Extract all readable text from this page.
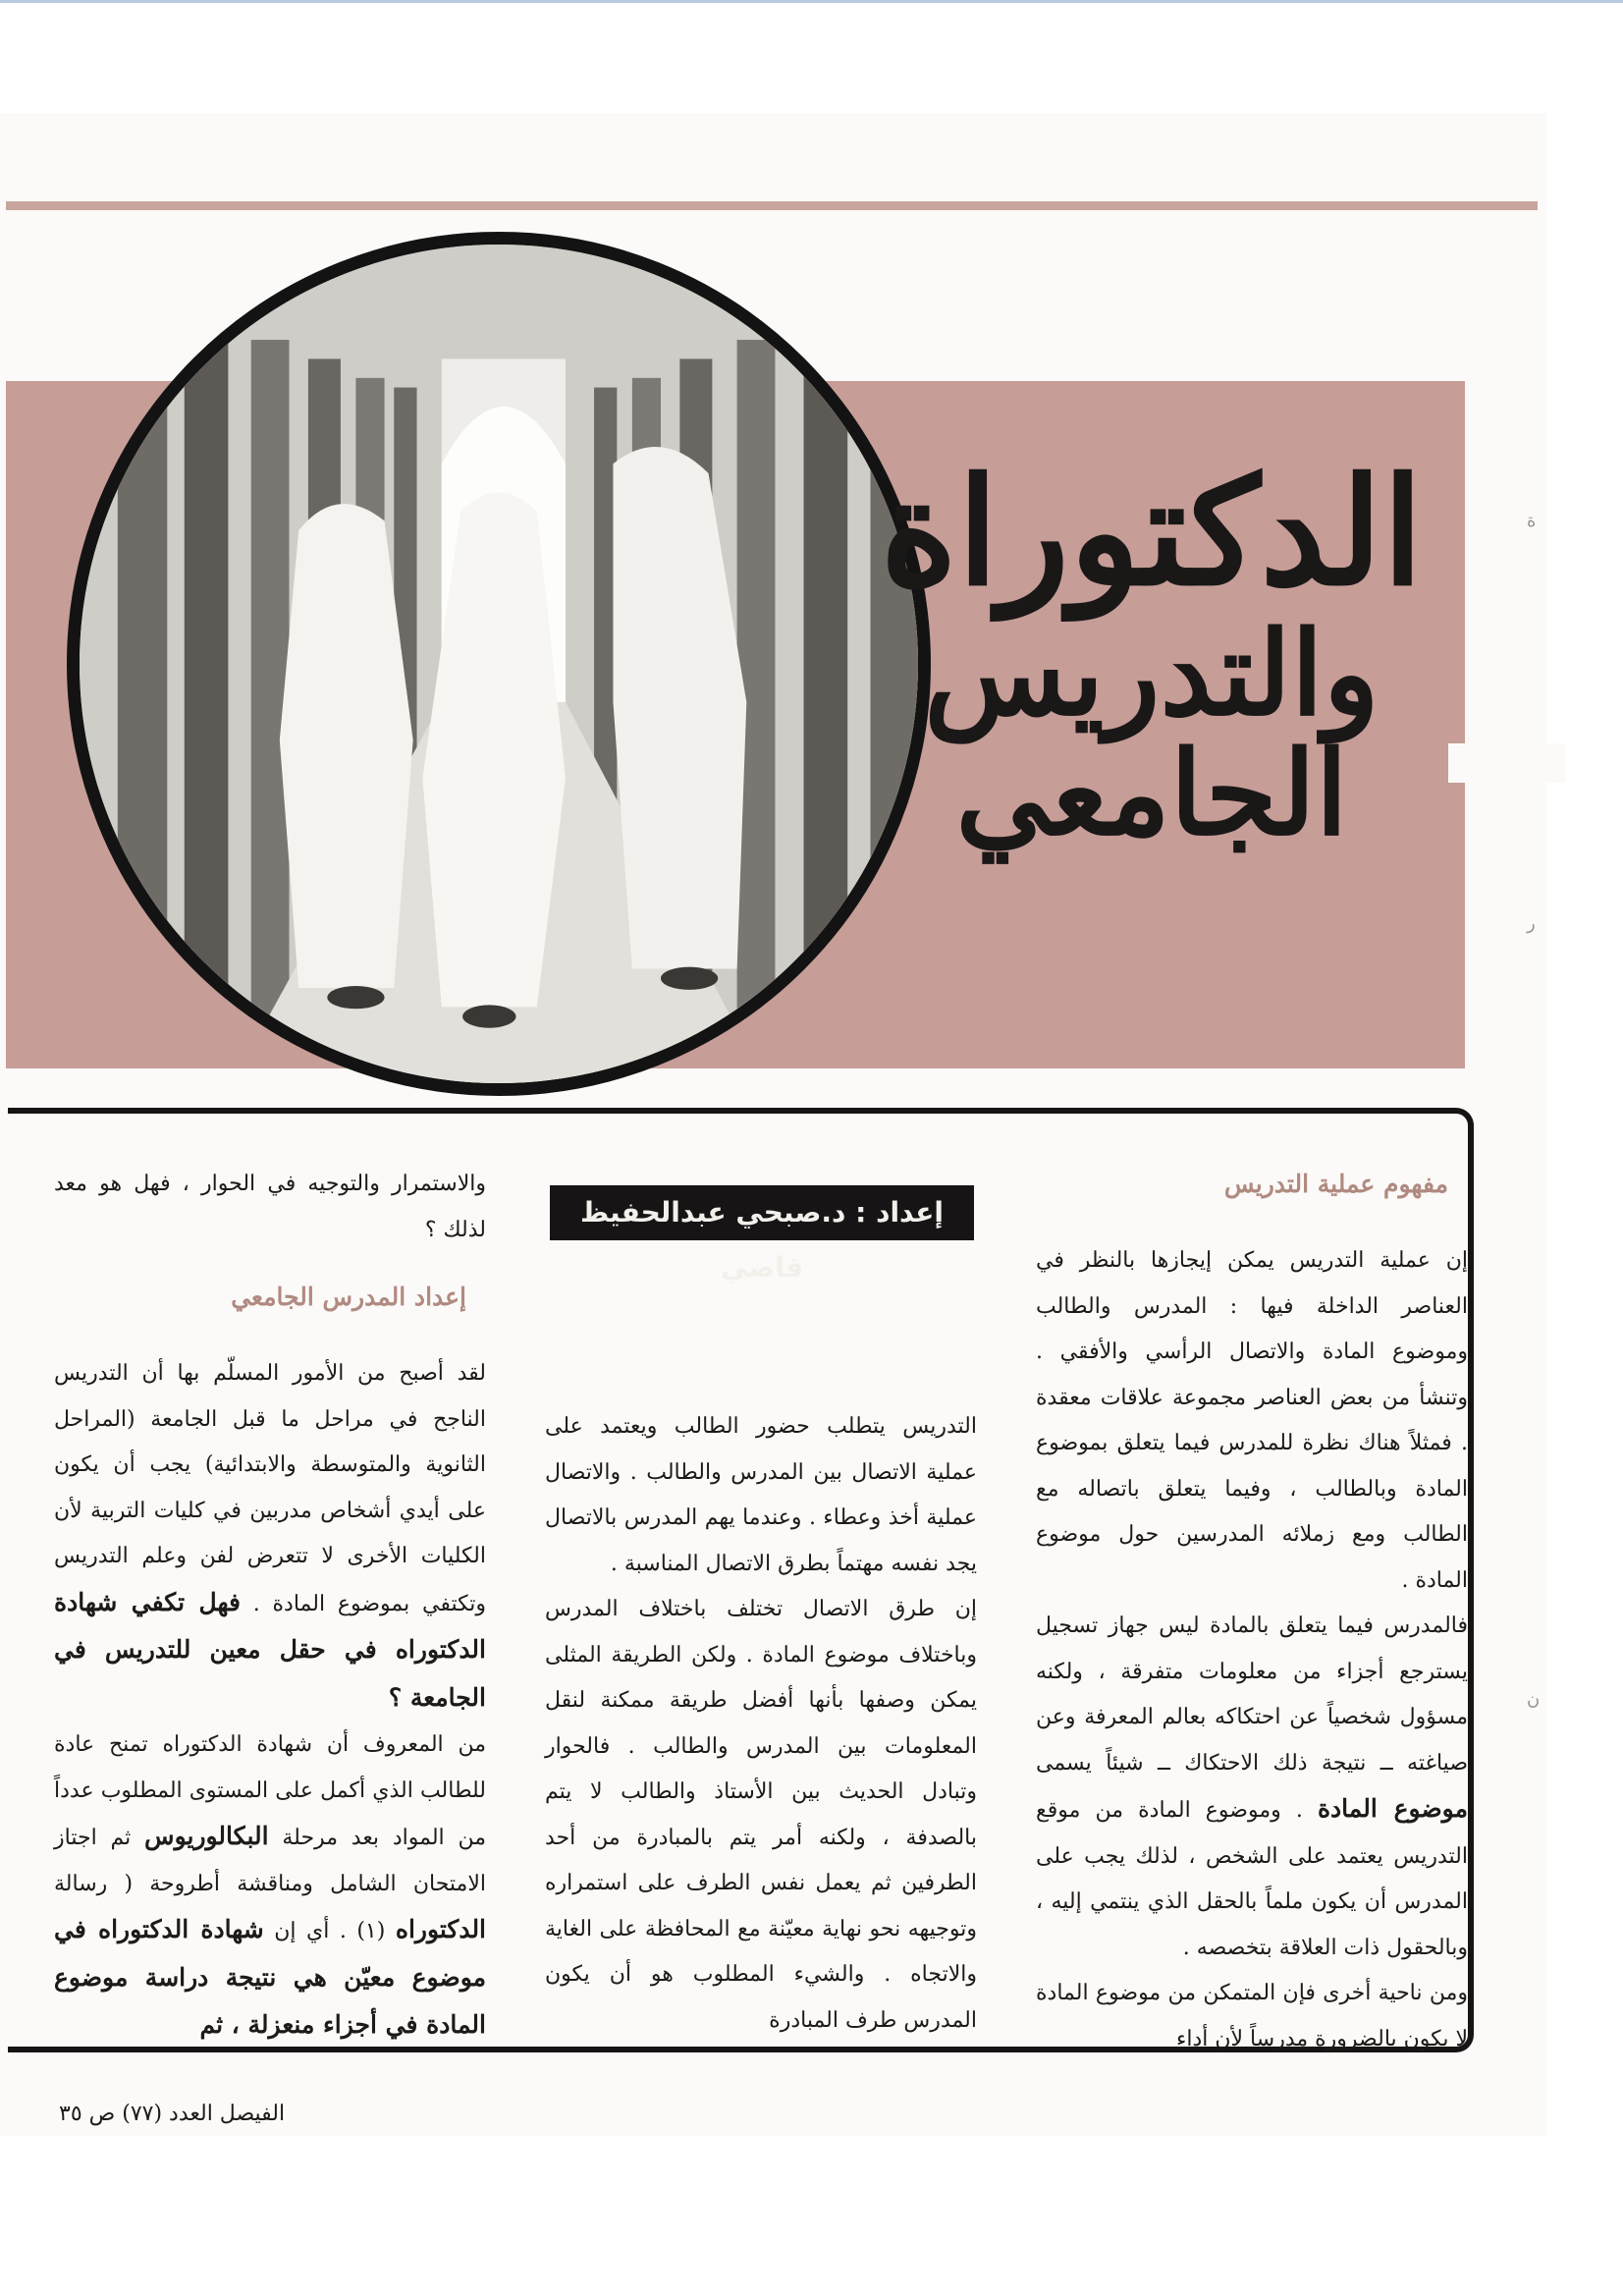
الدكتوراة
والتدريس
الجامعي
مفهوم عملية التدريس

إن عملية التدريس يمكن إيجازها بالنظر في العناصر الداخلة فيها : المدرس والطالب وموضوع المادة والاتصال الرأسي والأفقي . وتنشأ من بعض العناصر مجموعة علاقات معقدة . فمثلاً هناك نظرة للمدرس فيما يتعلق بموضوع المادة وبالطالب ، وفيما يتعلق باتصاله مع الطالب ومع زملائه المدرسين حول موضوع المادة .

فالمدرس فيما يتعلق بالمادة ليس جهاز تسجيل يسترجع أجزاء من معلومات متفرقة ، ولكنه مسؤول شخصياً عن احتكاكه بعالم المعرفة وعن صياغته ــ نتيجة ذلك الاحتكاك ــ شيئاً يسمى موضوع المادة . وموضوع المادة من موقع التدريس يعتمد على الشخص ، لذلك يجب على المدرس أن يكون ملماً بالحقل الذي ينتمي إليه ، وبالحقول ذات العلاقة بتخصصه .

ومن ناحية أخرى فإن المتمكن من موضوع المادة لا يكون بالضرورة مدرساً لأن أداء

إعداد : د.صبحي عبدالحفيظ قاضي

التدريس يتطلب حضور الطالب ويعتمد على عملية الاتصال بين المدرس والطالب . والاتصال عملية أخذ وعطاء . وعندما يهم المدرس بالاتصال يجد نفسه مهتماً بطرق الاتصال المناسبة .

إن طرق الاتصال تختلف باختلاف المدرس وباختلاف موضوع المادة . ولكن الطريقة المثلى يمكن وصفها بأنها أفضل طريقة ممكنة لنقل المعلومات بين المدرس والطالب . فالحوار وتبادل الحديث بين الأستاذ والطالب لا يتم بالصدفة ، ولكنه أمر يتم بالمبادرة من أحد الطرفين ثم يعمل نفس الطرف على استمراره وتوجيهه نحو نهاية معيّنة مع المحافظة على الغاية والاتجاه . والشيء المطلوب هو أن يكون المدرس طرف المبادرة

والاستمرار والتوجيه في الحوار ، فهل هو معد لذلك ؟

إعداد المدرس الجامعي

لقد أصبح من الأمور المسلّم بها أن التدريس الناجح في مراحل ما قبل الجامعة (المراحل الثانوية والمتوسطة والابتدائية) يجب أن يكون على أيدي أشخاص مدربين في كليات التربية لأن الكليات الأخرى لا تتعرض لفن وعلم التدريس وتكتفي بموضوع المادة . فهل تكفي شهادة الدكتوراه في حقل معين للتدريس في الجامعة ؟

من المعروف أن شهادة الدكتوراه تمنح عادة للطالب الذي أكمل على المستوى المطلوب عدداً من المواد بعد مرحلة البكالوريوس ثم اجتاز الامتحان الشامل ومناقشة أطروحة ( رسالة الدكتوراه (١) . أي إن شهادة الدكتوراه في موضوع معيّن هي نتيجة دراسة موضوع المادة في أجزاء منعزلة ، ثم

الفيصل العدد (٧٧) ص ٣٥
ة
ر
ن
